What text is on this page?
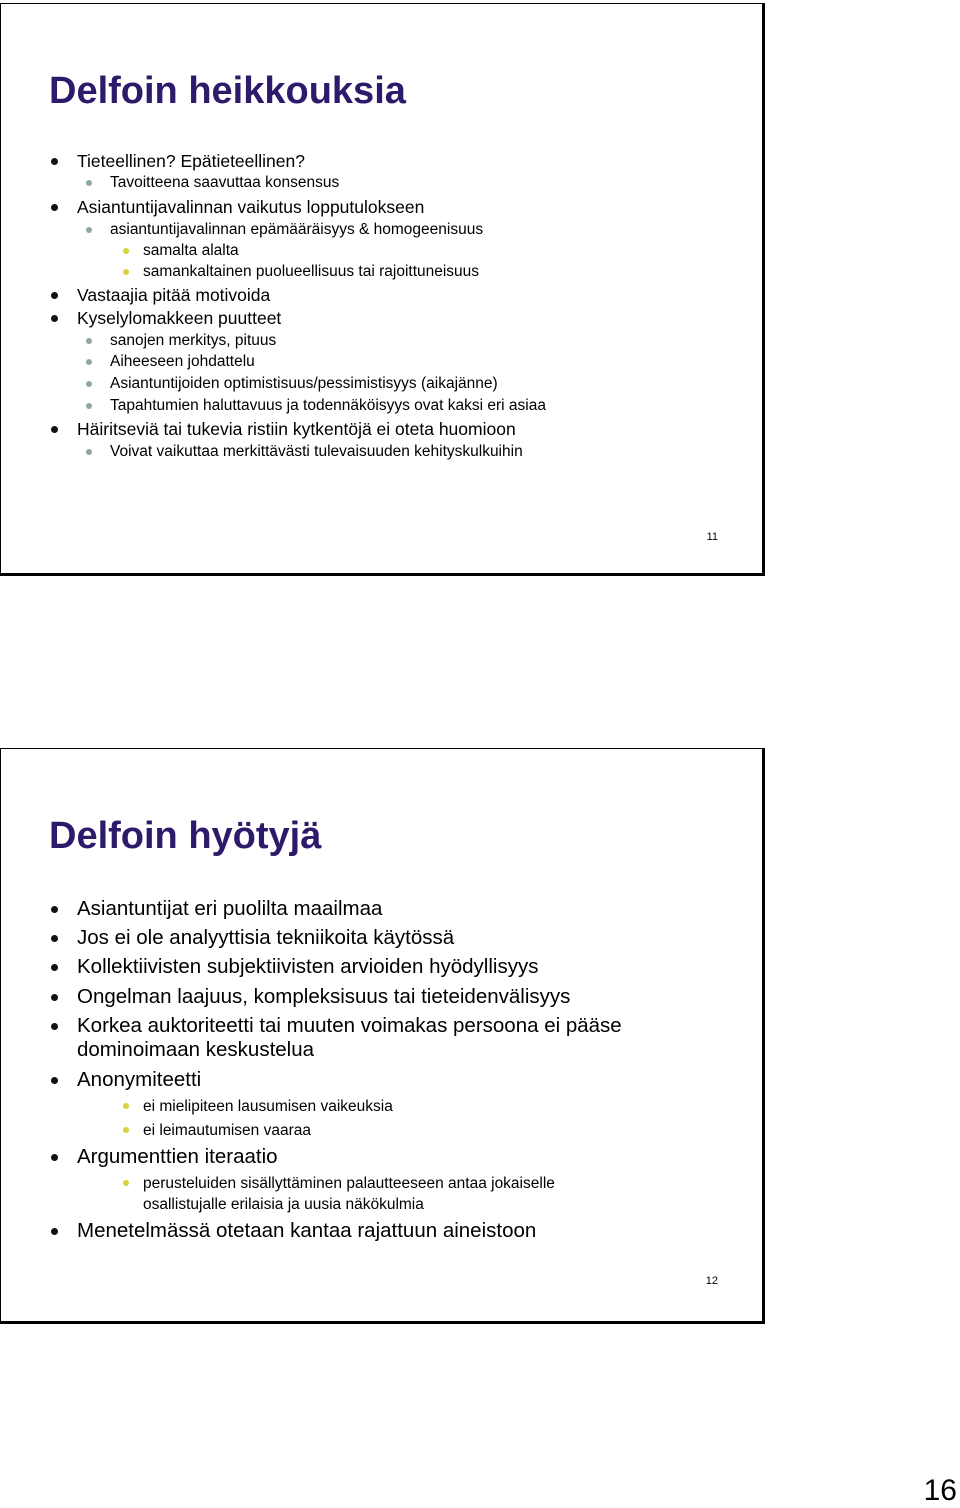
Delfoin heikkouksia
Tieteellinen? Epätieteellinen?
Tavoitteena saavuttaa konsensus
Asiantuntijavalinnan vaikutus lopputulokseen
asiantuntijavalinnan epämääräisyys & homogeenisuus
samalta alalta
samankaltainen puolueellisuus tai rajoittuneisuus
Vastaajia pitää motivoida
Kyselylomakkeen puutteet
sanojen merkitys, pituus
Aiheeseen johdattelu
Asiantuntijoiden optimistisuus/pessimistisyys (aikajänne)
Tapahtumien haluttavuus ja todennäköisyys ovat kaksi eri asiaa
Häiritseviä tai tukevia ristiin kytkentöjä ei oteta huomioon
Voivat vaikuttaa merkittävästi tulevaisuuden kehityskulkuihin
11
Delfoin hyötyjä
Asiantuntijat eri puolilta maailmaa
Jos ei ole analyyttisia tekniikoita käytössä
Kollektiivisten subjektiivisten arvioiden hyödyllisyys
Ongelman laajuus, kompleksisuus tai tieteidenvälisyys
Korkea auktoriteetti tai muuten voimakas persoona ei pääse
dominoimaan keskustelua
Anonymiteetti
ei mielipiteen lausumisen vaikeuksia
ei leimautumisen vaaraa
Argumenttien iteraatio
perusteluiden sisällyttäminen palautteeseen antaa jokaiselle
osallistujalle erilaisia ja uusia näkökulmia
Menetelmässä otetaan kantaa rajattuun aineistoon
12
16
